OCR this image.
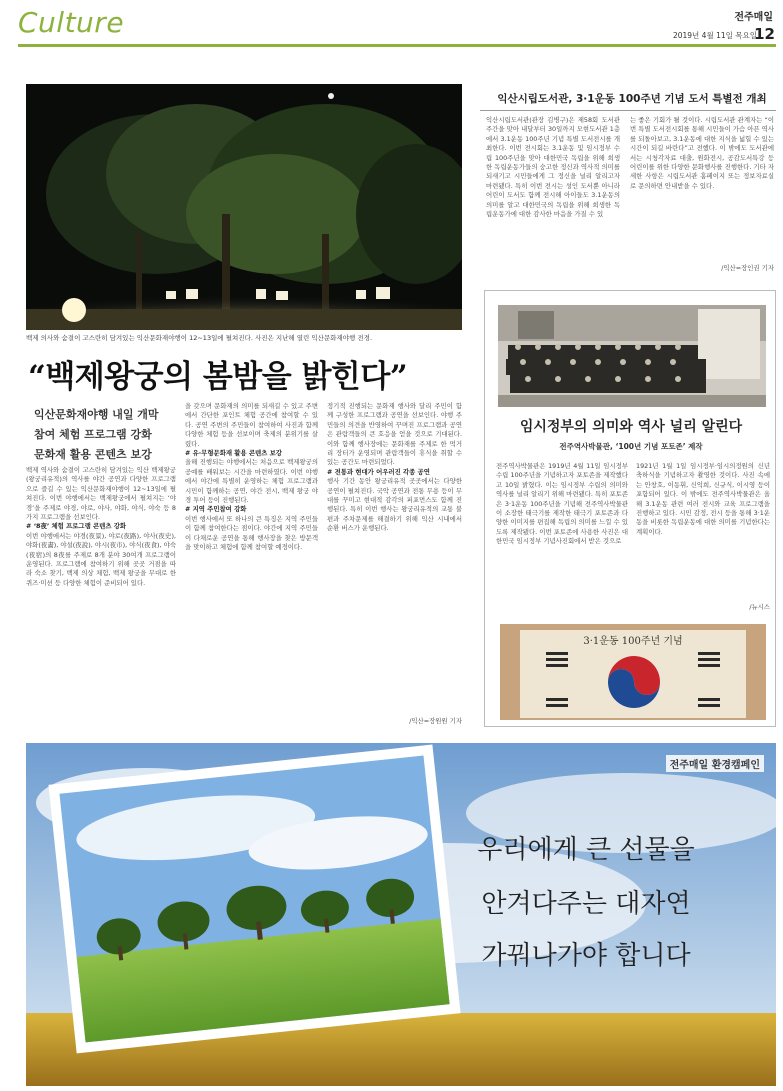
Culture	전주매일
2019년 4월 11일 목요일
12
백제 의사와 숨결이 고스란히 담겨있는 익산문화재야행이 12~13일에 펼쳐진다. 사진은 지난해 열린 익산문화재야행 전경.
“백제왕궁의 봄밤을 밝힌다”
익산문화재야행 내일 개막
참여 체험 프로그램 강화
문화재 활용 콘텐츠 보강
백제 역사와 숨결이 고스란히 담겨있는 익산 백제왕궁(왕궁리유적)의 역사를 야간 공연과 다양한 프로그램으로 즐길 수 있는 익산문화재야행이 12~13일에 펼쳐진다. 이번 야행에서는 백제왕궁에서 펼쳐지는 ‘야경’을 주제로 야경, 야로, 야사, 야화, 야식, 야숙 등 8가지 프로그램을 선보인다.
# ‘8夜’ 체험 프로그램 콘텐츠 강화
이번 야행에서는 야경(夜景), 야로(夜路), 야사(夜史), 야화(夜畵), 야설(夜說), 야시(夜市), 야식(夜食), 야숙(夜宿)의 8夜를 주제로 8개 분야 30여개 프로그램이 운영된다. 프로그램에 참여하기 위해 곳곳 거점을 따라 숙소 찾기, 백제 의상 체험, 백제 왕궁을 무대로 한 퀴즈·미션 등 다양한 체험이 준비되어 있다.
을 갖으며 문화재의 의미를 되새길 수 있고 주변에서 간단한 포인트 체험 공간에 참여할 수 있다. 공연 주변의 주민들이 참여하여 사진과 함께 다양한 체험 등을 선보이며 축제의 분위기를 살렸다.
# 유·무형문화재 활용 콘텐츠 보강
올해 진행되는 야행에서는 처음으로 백제왕궁의 공예를 배워보는 시간을 마련하였다. 이번 야행에서 야간에 특별히 운영하는 체험 프로그램과 시민이 함께하는 공연, 야간 전시, 백제 왕궁 야경 투어 등이 진행된다.
# 지역 주민참여 강화
이번 행사에서 또 하나의 큰 특징은 지역 주민들이 함께 참여한다는 점이다. 야간에 지역 주민들이 다채로운 공연을 통해 행사장을 찾은 방문객을 맞이하고 체험에 함께 참여할 예정이다.
정기적 진행되는 문화재 행사와 달리 주민이 함께 구성한 프로그램과 공연을 선보인다. 야행 주민들의 의견을 반영하여 꾸며진 프로그램과 공연은 관람객들의 큰 호응을 얻을 것으로 기대된다. 이와 함께 행사장에는 문화재를 주제로 한 먹거리 장터가 운영되며 관람객들이 휴식을 취할 수 있는 공간도 마련되었다.
# 전통과 현대가 어우러진 각종 공연
행사 기간 동안 왕궁리유적 곳곳에서는 다양한 공연이 펼쳐진다. 국악 공연과 전통 무용 등이 무대를 꾸미고 현대적 감각의 퍼포먼스도 함께 진행된다. 특히 이번 행사는 왕궁리유적의 교통 불편과 주차문제를 해결하기 위해 익산 시내에서 순환 버스가 운행된다.
/익산=장원원 기자
익산시립도서관, 3·1운동 100주년 기념 도서 특별전 개최
익산시립도서관(관장 김병구)은 제58회 도서관주간을 맞아 내달부터 30일까지 모현도서관 1층에서 3.1운동 100주년 기념 특별 도서전시를 개최한다. 이번 전시회는 3.1운동 및 임시정부 수립 100주년을 맞아 대한민국 독립을 위해 희생한 독립운동가들의 숭고한 정신과 역사적 의미를 되새기고 시민들에게 그 정신을 널리 알리고자 마련됐다. 특히 이번 전시는 성인 도서뿐 아니라 어린이 도서도 함께 전시해 아이들도 3.1운동의 의미를 알고 대한민국의 독립을 위해 희생한 독립운동가에 대한 감사한 마음을 가질 수 있
는 좋은 기회가 될 것이다. 시립도서관 관계자는 “이번 특별 도서전시회를 통해 시민들이 가슴 아픈 역사를 되돌아보고, 3.1운동에 대한 지식을 넓힐 수 있는 시간이 되길 바란다”고 전했다. 이 밖에도 도서관에서는 시청각자료 대출, 원화전시, 공감도서특강 등 어린이를 위한 다양한 문화행사를 진행한다. 기타 자세한 사항은 시립도서관 홈페이지 또는 정보자료실로 문의하면 안내받을 수 있다.
/익산=장인권 기자
임시정부의 의미와 역사 널리 알린다
전주역사박물관, ‘100년 기념 포토존’ 제작
전주역사박물관은 1919년 4월 11일 임시정부 수립 100주년을 기념하고자 포토존을 제작했다고 10일 밝혔다. 이는 임시정부 수립의 의미와 역사를 널리 알리기 위해 마련됐다. 특히 포토존은 3·1운동 100주년을 기념해 전주역사박물관이 소장한 태극기를 제작한 태극기 포토존과 다양한 이미지를 편집해 독립의 의미를 느낄 수 있도록 제작됐다. 이번 포토존에 사용한 사진은 대한민국 임시정부 기념사진회에서 받은 것으로
1921년 1월 1일 임시정부·임시의정원의 신년 축하식을 기념하고자 촬영한 것이다. 사진 속에는 안창호, 이동휘, 신익희, 신규식, 이시영 등이 포함되어 있다. 이 밖에도 전주역사박물관은 올해 3.1운동 관련 여러 전시와 교육 프로그램을 진행하고 있다. 시민 감정, 전시 등을 통해 3·1운동을 비롯한 독립운동에 대한 의미를 기념한다는 계획이다.
/뉴시스
3·1운동 100주년 기념
전주매일 환경캠페인
우리에게 큰 선물을
안겨다주는 대자연
가꿔나가야 합니다
